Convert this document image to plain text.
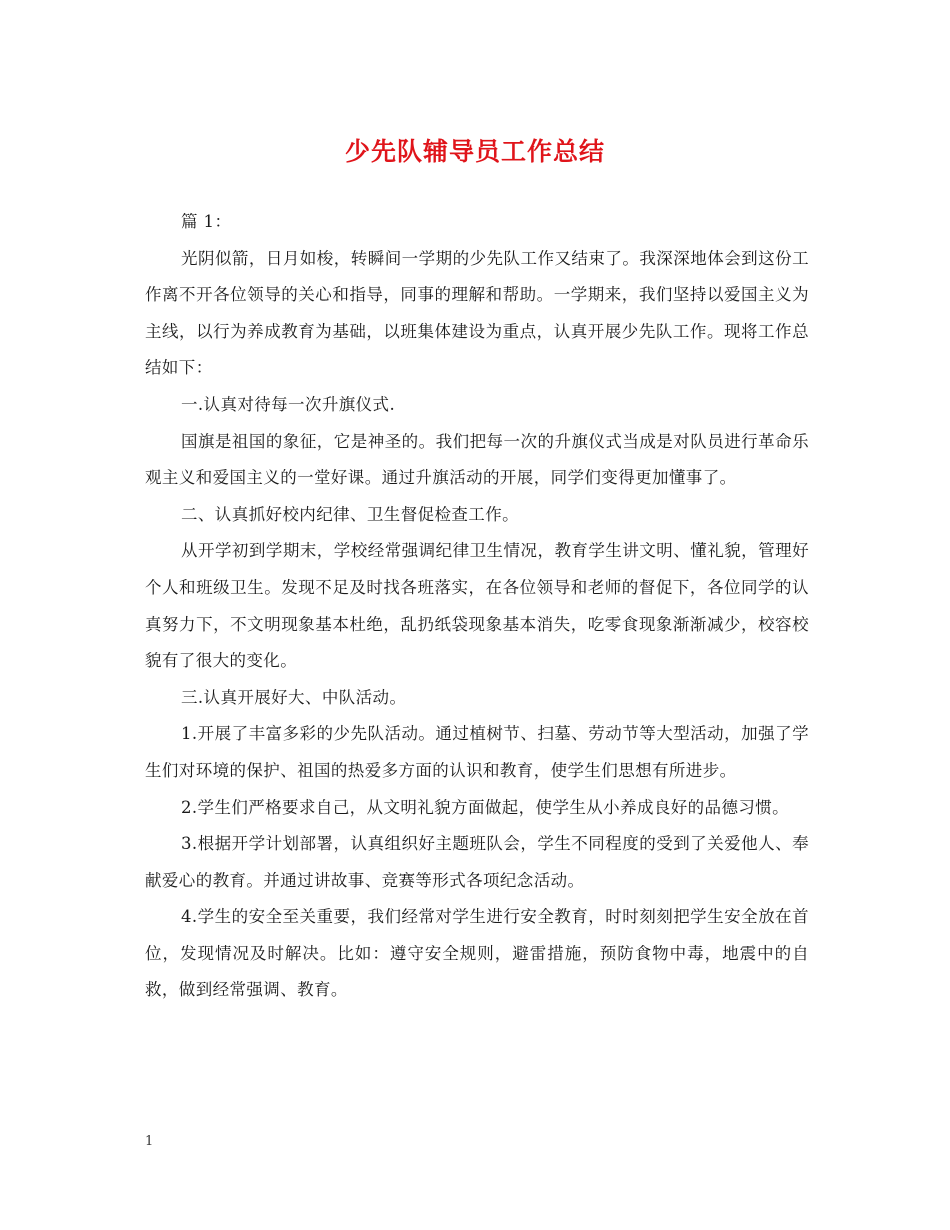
少先队辅导员工作总结

篇 1：

光阴似箭，日月如梭，转瞬间一学期的少先队工作又结束了。我深深地体会到这份工作离不开各位领导的关心和指导，同事的理解和帮助。一学期来，我们坚持以爱国主义为主线，以行为养成教育为基础，以班集体建设为重点，认真开展少先队工作。现将工作总结如下：

一.认真对待每一次升旗仪式.

国旗是祖国的象征，它是神圣的。我们把每一次的升旗仪式当成是对队员进行革命乐观主义和爱国主义的一堂好课。通过升旗活动的开展，同学们变得更加懂事了。

二、认真抓好校内纪律、卫生督促检查工作。

从开学初到学期末，学校经常强调纪律卫生情况，教育学生讲文明、懂礼貌，管理好个人和班级卫生。发现不足及时找各班落实，在各位领导和老师的督促下，各位同学的认真努力下，不文明现象基本杜绝，乱扔纸袋现象基本消失，吃零食现象渐渐减少，校容校貌有了很大的变化。

三.认真开展好大、中队活动。

1.开展了丰富多彩的少先队活动。通过植树节、扫墓、劳动节等大型活动，加强了学生们对环境的保护、祖国的热爱多方面的认识和教育，使学生们思想有所进步。

2.学生们严格要求自己，从文明礼貌方面做起，使学生从小养成良好的品德习惯。

3.根据开学计划部署，认真组织好主题班队会，学生不同程度的受到了关爱他人、奉献爱心的教育。并通过讲故事、竞赛等形式各项纪念活动。

4.学生的安全至关重要，我们经常对学生进行安全教育，时时刻刻把学生安全放在首位，发现情况及时解决。比如：遵守安全规则，避雷措施，预防食物中毒，地震中的自救，做到经常强调、教育。

1
